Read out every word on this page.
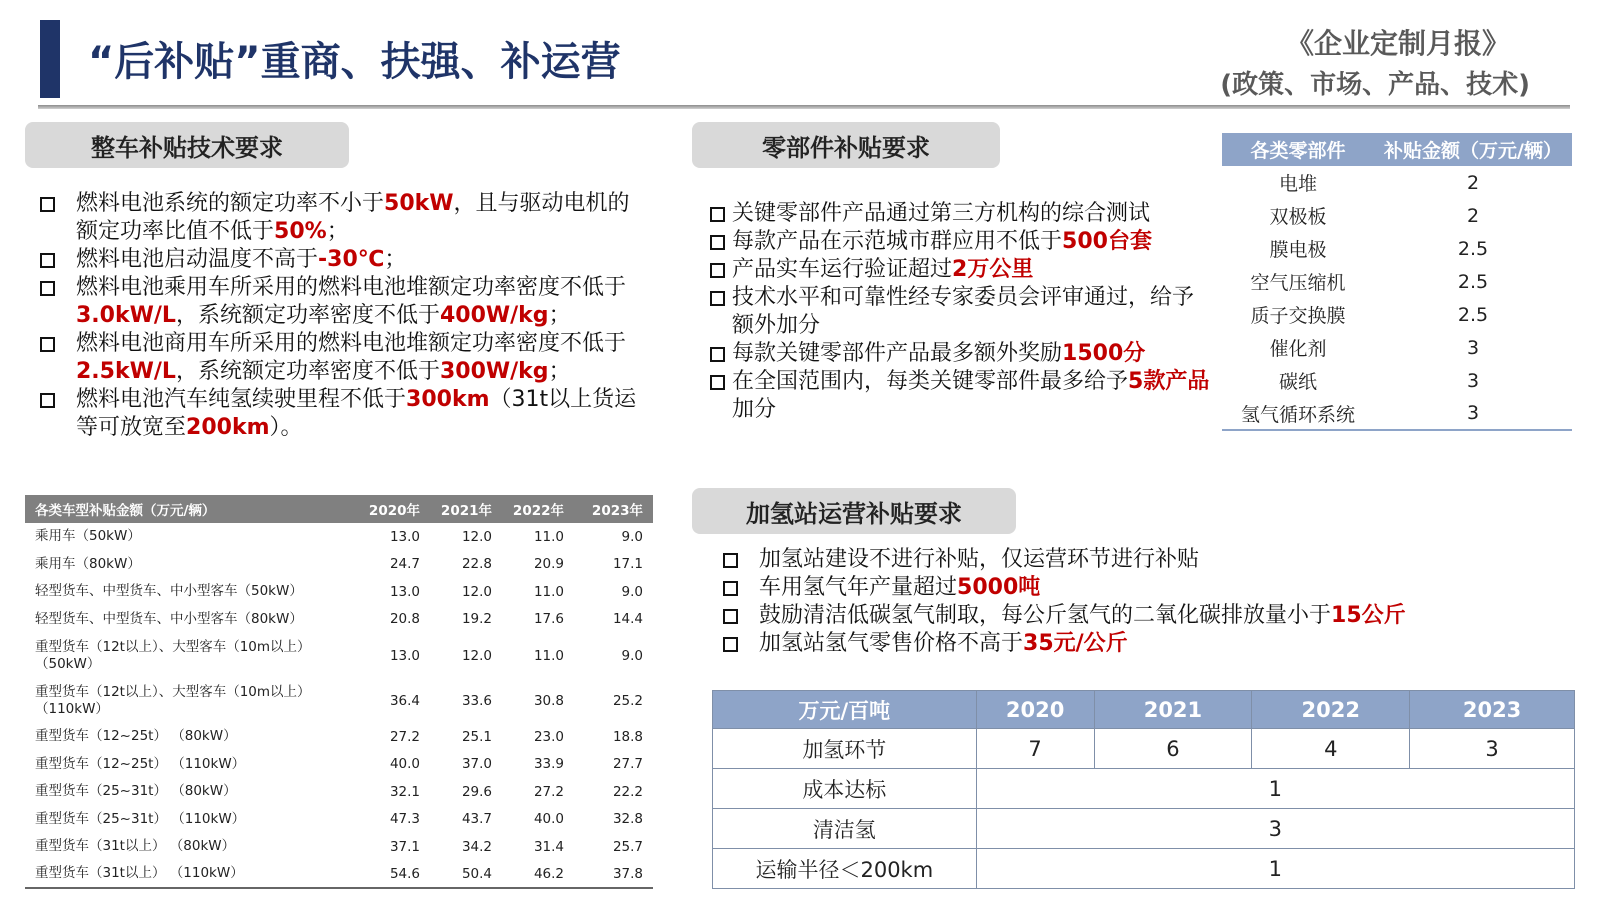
“后补贴”重商、扶强、补运营	《企业定制月报》
(政策、市场、产品、技术)
整车补贴技术要求	零部件补贴要求
加氢站运营补贴要求
燃料电池系统的额定功率不小于50kW，且与驱动电机的额定功率比值不低于50%；
燃料电池启动温度不高于-30℃；
燃料电池乘用车所采用的燃料电池堆额定功率密度不低于3.0kW/L，系统额定功率密度不低于400W/kg；
燃料电池商用车所采用的燃料电池堆额定功率密度不低于2.5kW/L，系统额定功率密度不低于300W/kg；
燃料电池汽车纯氢续驶里程不低于300km（31t以上货运等可放宽至200km）。
关键零部件产品通过第三方机构的综合测试
每款产品在示范城市群应用不低于500台套
产品实车运行验证超过2万公里
技术水平和可靠性经专家委员会评审通过，给予额外加分
每款关键零部件产品最多额外奖励1500分
在全国范围内，每类关键零部件最多给予5款产品加分
加氢站建设不进行补贴，仅运营环节进行补贴
车用氢气年产量超过5000吨
鼓励清洁低碳氢气制取，每公斤氢气的二氧化碳排放量小于15公斤
加氢站氢气零售价格不高于35元/公斤
各类车型补贴金额（万元/辆）	2020年	2021年	2022年	2023年
乘用车（50kW）	13.0	12.0	11.0	9.0
乘用车（80kW）	24.7	22.8	20.9	17.1
轻型货车、中型货车、中小型客车（50kW）	13.0	12.0	11.0	9.0
轻型货车、中型货车、中小型客车（80kW）	20.8	19.2	17.6	14.4
重型货车（12t以上）、大型客车（10m以上）（50kW）	13.0	12.0	11.0	9.0
重型货车（12t以上）、大型客车（10m以上）（110kW）	36.4	33.6	30.8	25.2
重型货车（12~25t） （80kW）	27.2	25.1	23.0	18.8
重型货车（12~25t） （110kW）	40.0	37.0	33.9	27.7
重型货车（25~31t） （80kW）	32.1	29.6	27.2	22.2
重型货车（25~31t） （110kW）	47.3	43.7	40.0	32.8
重型货车（31t以上） （80kW）	37.1	34.2	31.4	25.7
重型货车（31t以上） （110kW）	54.6	50.4	46.2	37.8
各类零部件	补贴金额（万元/辆）
电堆	2
双极板	2
膜电极	2.5
空气压缩机	2.5
质子交换膜	2.5
催化剂	3
碳纸	3
氢气循环系统	3
万元/百吨	2020	2021	2022	2023
加氢环节	7	6	4	3
成本达标	1			
清洁氢	3			
运输半径＜200km	1			
